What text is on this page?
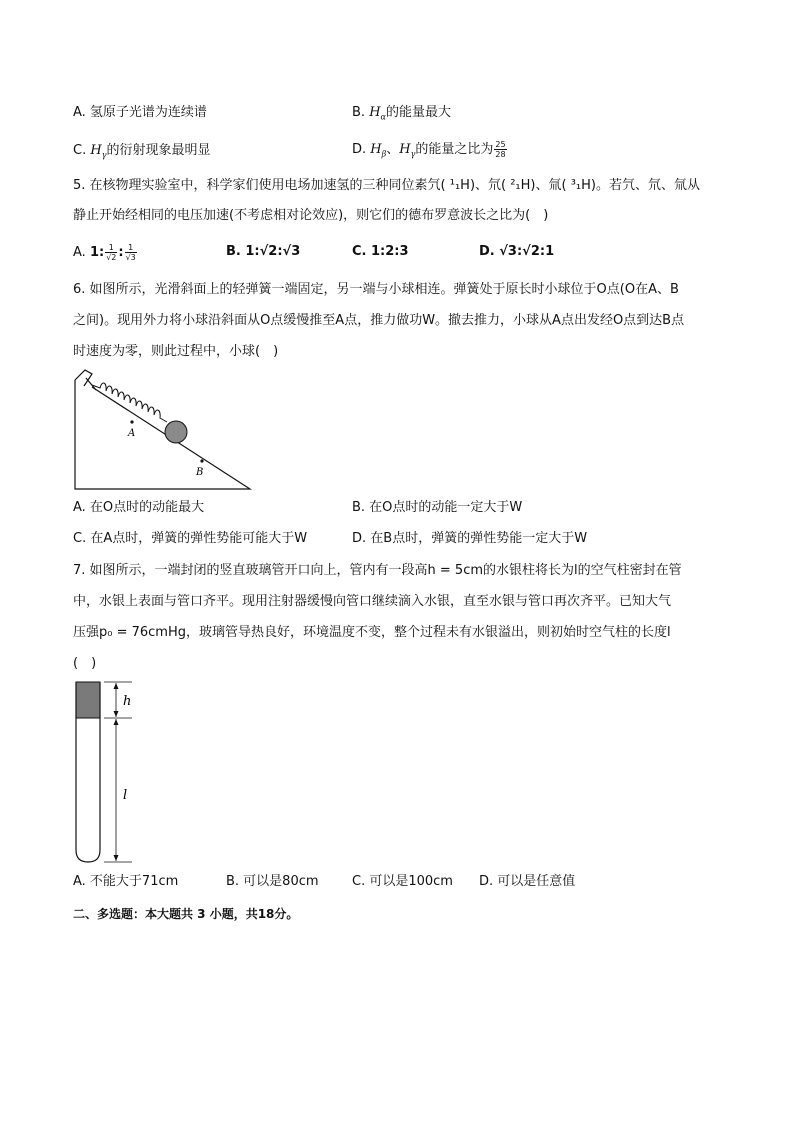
A. 氢原子光谱为连续谱	B. $H_\alpha$的能量最大
C. $H_\gamma$的衍射现象最明显	D. $H_\beta$、$H_\gamma$的能量之比为 $\frac{25}{28}$
5. 在核物理实验室中，科学家们使用电场加速氢的三种同位素氕( ¹₁H)、氘( ²₁H)、氚( ³₁H)。若氕、氘、氚从
静止开始经相同的电压加速(不考虑相对论效应)，则它们的德布罗意波长之比为(　)
A. 1: $\frac{1}{√2}$ : $\frac{1}{√3}$	B. 1:√2:√3	C. 1:2:3	D. √3:√2:1
6. 如图所示，光滑斜面上的轻弹簧一端固定，另一端与小球相连。弹簧处于原长时小球位于O点(O在A、B
之间)。现用外力将小球沿斜面从O点缓慢推至A点，推力做功W。撤去推力，小球从A点出发经O点到达B点
时速度为零，则此过程中，小球(　)
A
B
A. 在O点时的动能最大	B. 在O点时的动能一定大于W
C. 在A点时，弹簧的弹性势能可能大于W	D. 在B点时，弹簧的弹性势能一定大于W
7. 如图所示，一端封闭的竖直玻璃管开口向上，管内有一段高h = 5cm的水银柱将长为l的空气柱密封在管
中，水银上表面与管口齐平。现用注射器缓慢向管口继续滴入水银，直至水银与管口再次齐平。已知大气
压强p₀ = 76cmHg，玻璃管导热良好，环境温度不变，整个过程未有水银溢出，则初始时空气柱的长度l
(　)
h
l
A. 不能大于71cm	B. 可以是80cm	C. 可以是100cm D. 可以是任意值
二、多选题：本大题共 3 小题，共18分。
